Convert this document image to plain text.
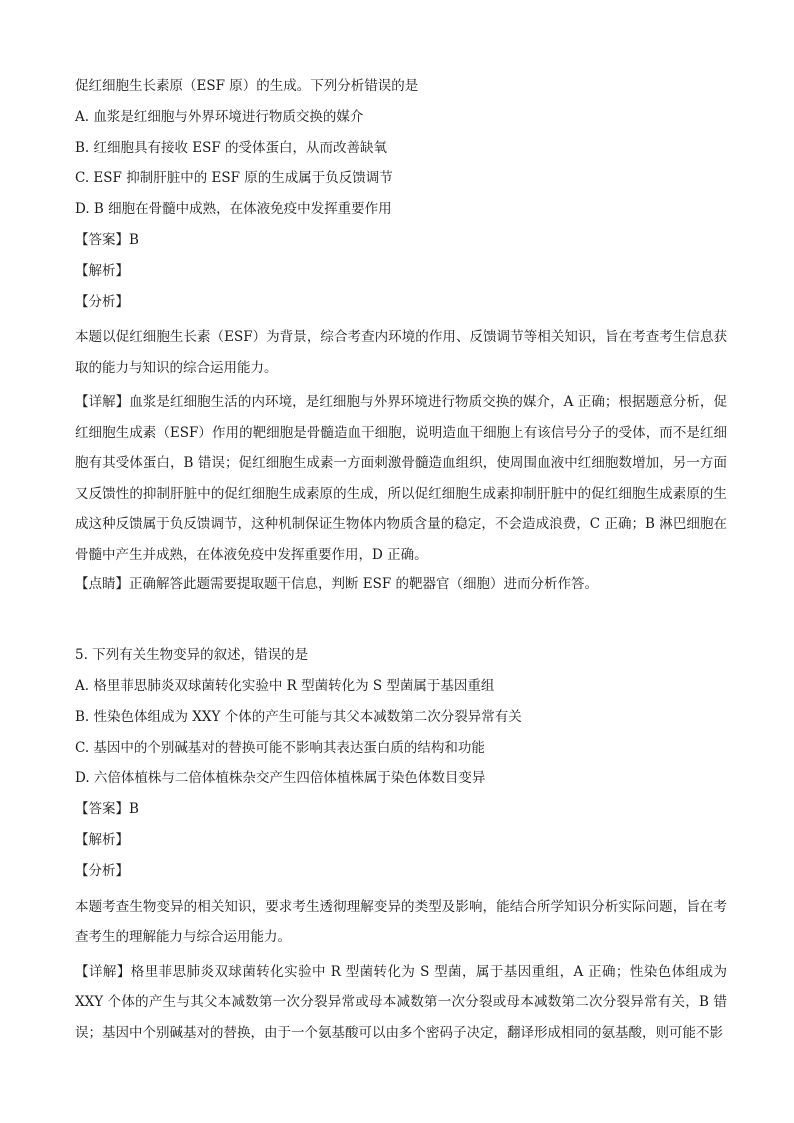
促红细胞生长素原（ESF 原）的生成。下列分析错误的是
A. 血浆是红细胞与外界环境进行物质交换的媒介
B. 红细胞具有接收 ESF 的受体蛋白，从而改善缺氧
C. ESF 抑制肝脏中的 ESF 原的生成属于负反馈调节
D. B 细胞在骨髓中成熟，在体液免疫中发挥重要作用
【答案】B
【解析】
【分析】
本题以促红细胞生长素（ESF）为背景，综合考查内环境的作用、反馈调节等相关知识，旨在考查考生信息获取的能力与知识的综合运用能力。
【详解】血浆是红细胞生活的内环境，是红细胞与外界环境进行物质交换的媒介，A 正确；根据题意分析，促红细胞生成素（ESF）作用的靶细胞是骨髓造血干细胞，说明造血干细胞上有该信号分子的受体，而不是红细胞有其受体蛋白，B 错误；促红细胞生成素一方面刺激骨髓造血组织，使周围血液中红细胞数增加，另一方面又反馈性的抑制肝脏中的促红细胞生成素原的生成，所以促红细胞生成素抑制肝脏中的促红细胞生成素原的生成这种反馈属于负反馈调节，这种机制保证生物体内物质含量的稳定，不会造成浪费，C 正确；B 淋巴细胞在骨髓中产生并成熟，在体液免疫中发挥重要作用，D 正确。
【点睛】正确解答此题需要提取题干信息，判断 ESF 的靶器官（细胞）进而分析作答。
5. 下列有关生物变异的叙述，错误的是
A. 格里菲思肺炎双球菌转化实验中 R 型菌转化为 S 型菌属于基因重组
B. 性染色体组成为 XXY 个体的产生可能与其父本减数第二次分裂异常有关
C. 基因中的个别碱基对的替换可能不影响其表达蛋白质的结构和功能
D. 六倍体植株与二倍体植株杂交产生四倍体植株属于染色体数目变异
【答案】B
【解析】
【分析】
本题考查生物变异的相关知识，要求考生透彻理解变异的类型及影响，能结合所学知识分析实际问题，旨在考查考生的理解能力与综合运用能力。
【详解】格里菲思肺炎双球菌转化实验中 R 型菌转化为 S 型菌，属于基因重组，A 正确；性染色体组成为 XXY 个体的产生与其父本减数第一次分裂异常或母本减数第一次分裂或母本减数第二次分裂异常有关，B 错误；基因中个别碱基对的替换，由于一个氨基酸可以由多个密码子决定，翻译形成相同的氨基酸，则可能不影
